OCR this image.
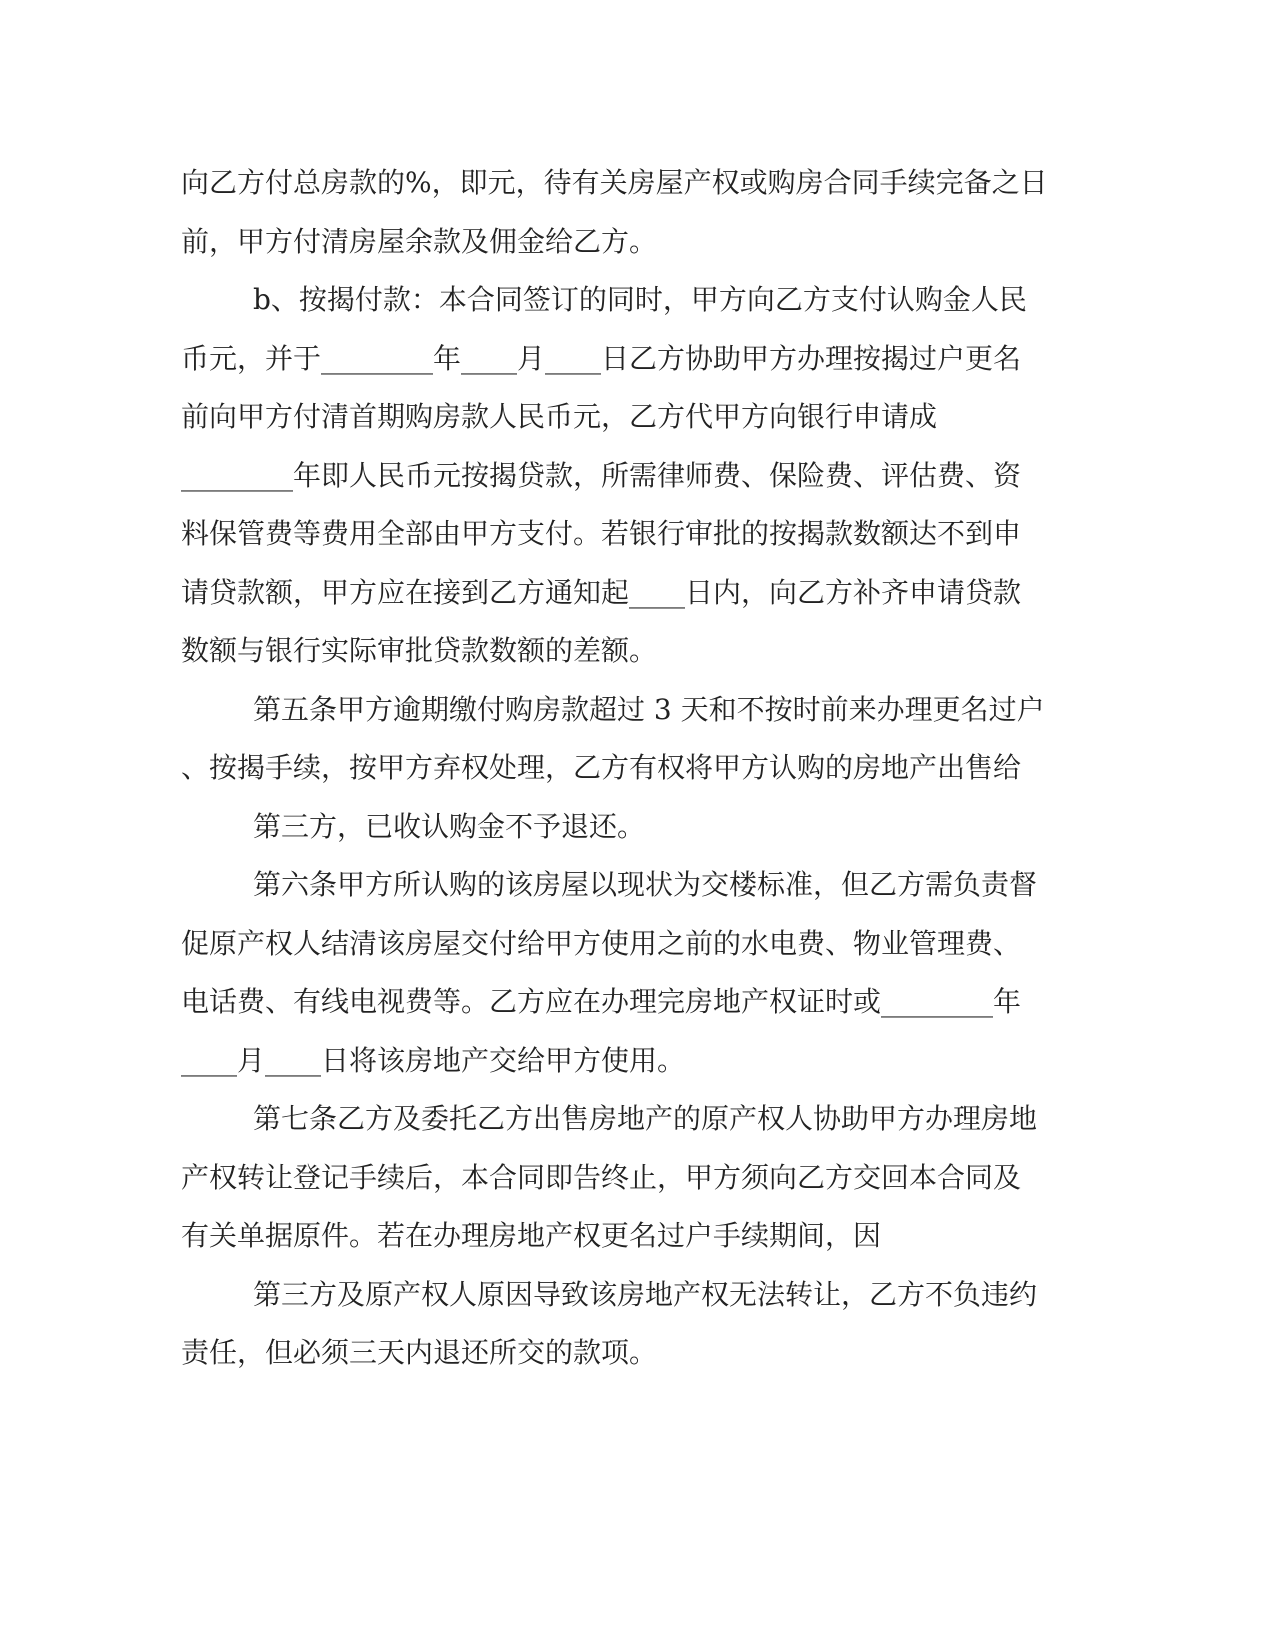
向乙方付总房款的%，即元，待有关房屋产权或购房合同手续完备之日
前，甲方付清房屋余款及佣金给乙方。
b、按揭付款：本合同签订的同时，甲方向乙方支付认购金人民
币元，并于________年____月____日乙方协助甲方办理按揭过户更名
前向甲方付清首期购房款人民币元，乙方代甲方向银行申请成
________年即人民币元按揭贷款，所需律师费、保险费、评估费、资
料保管费等费用全部由甲方支付。若银行审批的按揭款数额达不到申
请贷款额，甲方应在接到乙方通知起____日内，向乙方补齐申请贷款
数额与银行实际审批贷款数额的差额。
第五条甲方逾期缴付购房款超过 3 天和不按时前来办理更名过户
、按揭手续，按甲方弃权处理，乙方有权将甲方认购的房地产出售给
第三方，已收认购金不予退还。
第六条甲方所认购的该房屋以现状为交楼标准，但乙方需负责督
促原产权人结清该房屋交付给甲方使用之前的水电费、物业管理费、
电话费、有线电视费等。乙方应在办理完房地产权证时或________年
____月____日将该房地产交给甲方使用。
第七条乙方及委托乙方出售房地产的原产权人协助甲方办理房地
产权转让登记手续后，本合同即告终止，甲方须向乙方交回本合同及
有关单据原件。若在办理房地产权更名过户手续期间，因
第三方及原产权人原因导致该房地产权无法转让，乙方不负违约
责任，但必须三天内退还所交的款项。
